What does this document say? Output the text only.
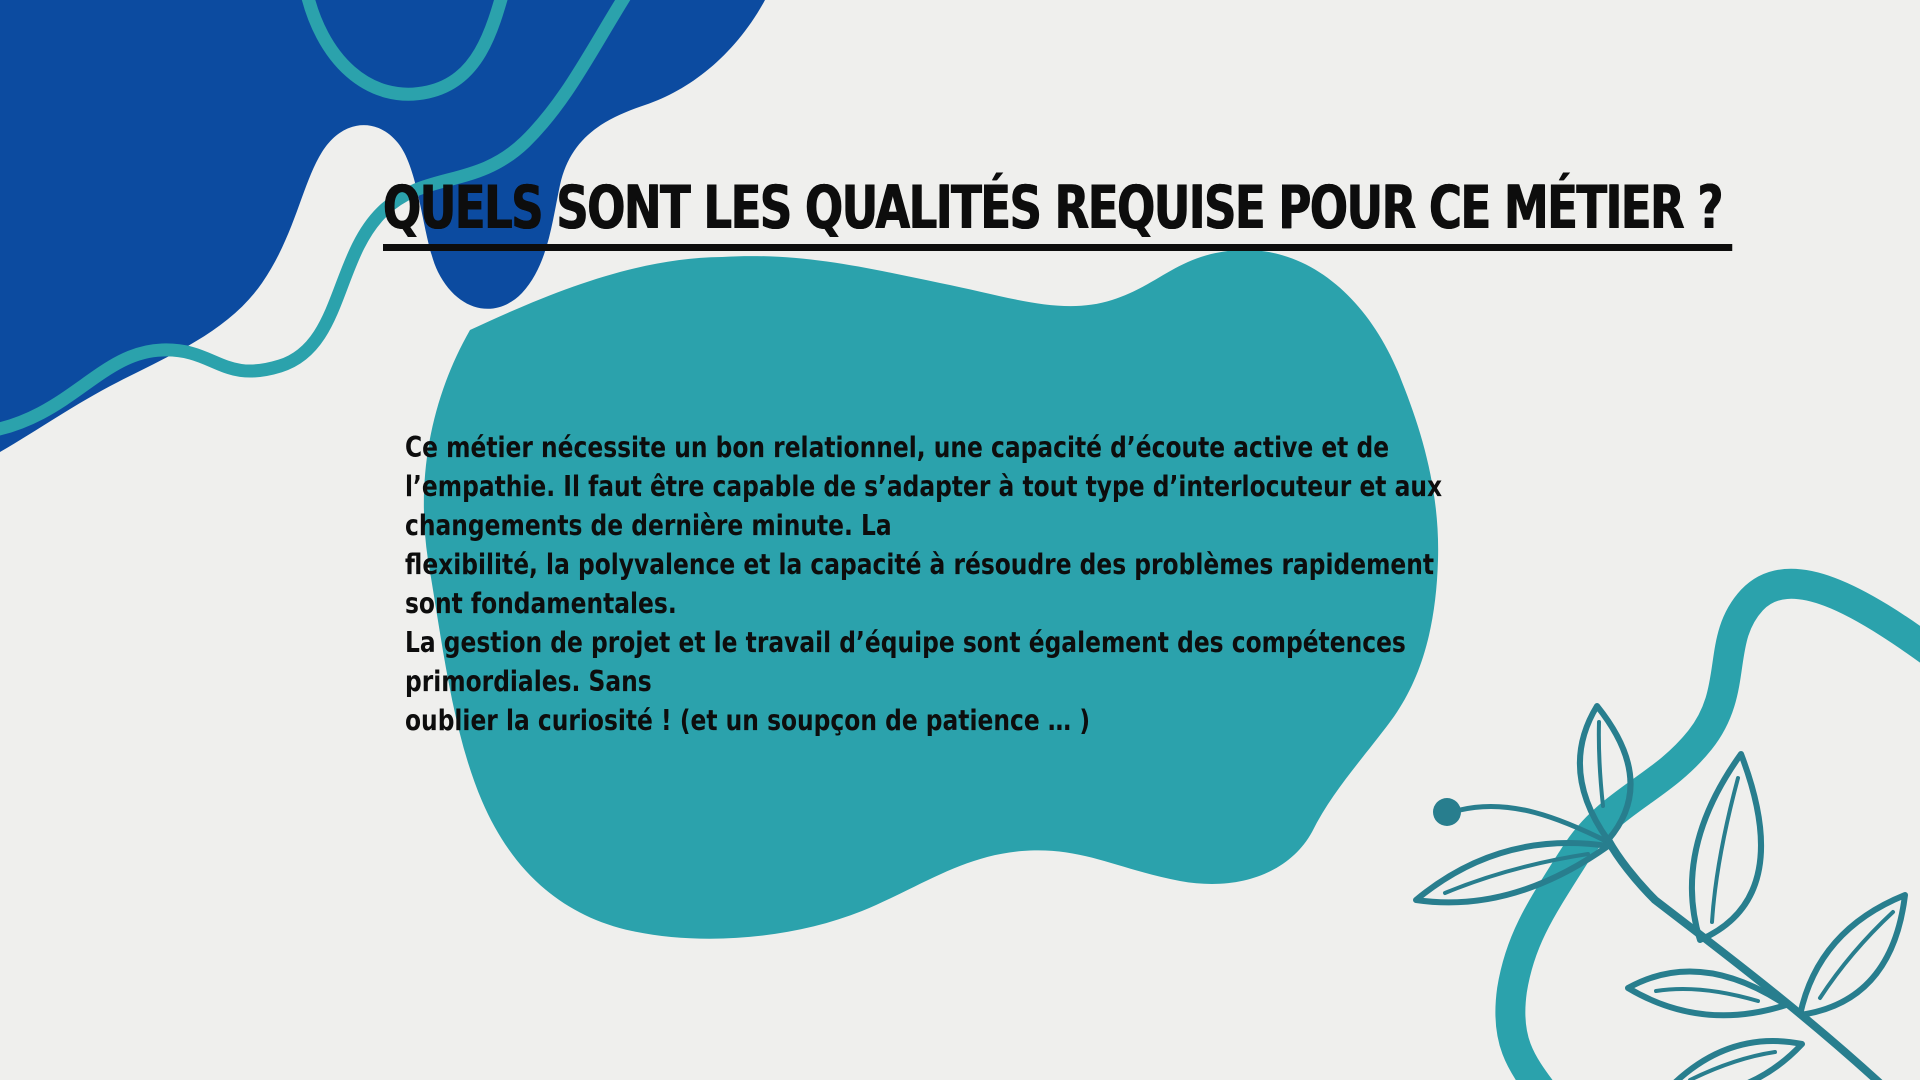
QUELS SONT LES QUALITÉS REQUISE POUR CE MÉTIER ?

Ce métier nécessite un bon relationnel, une capacité d’écoute active et de

l’empathie. Il faut être capable de s’adapter à tout type d’interlocuteur et aux

changements de dernière minute. La

flexibilité, la polyvalence et la capacité à résoudre des problèmes rapidement

sont fondamentales.

La gestion de projet et le travail d’équipe sont également des compétences

primordiales. Sans

oublier la curiosité ! (et un soupçon de patience … )
